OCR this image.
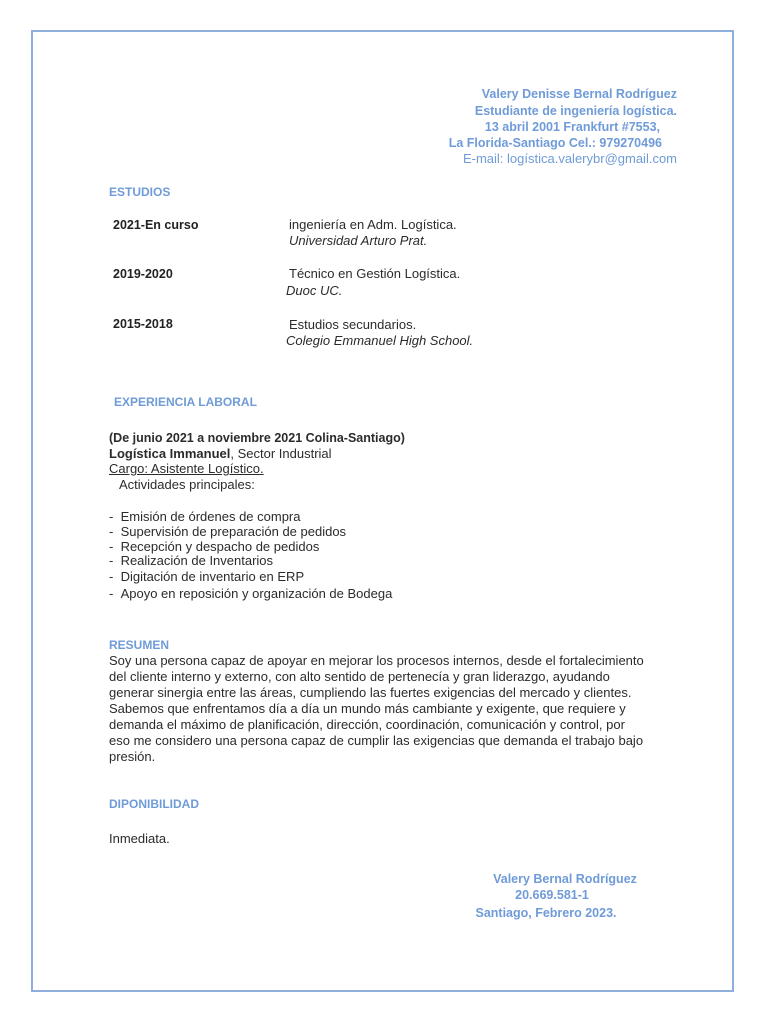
Valery Denisse Bernal Rodríguez
Estudiante de ingeniería logística.
13 abril 2001 Frankfurt #7553,
La Florida-Santiago Cel.: 979270496
E-mail: logística.valerybr@gmail.com
ESTUDIOS
2021-En curso	ingeniería en Adm. Logística.
Universidad Arturo Prat.
2019-2020	Técnico en Gestión Logística.
Duoc UC.
2015-2018	Estudios secundarios.
Colegio Emmanuel High School.
EXPERIENCIA LABORAL
(De junio 2021 a noviembre 2021 Colina-Santiago)
Logística Immanuel, Sector Industrial
Cargo: Asistente Logístico.
Actividades principales:
-  Emisión de órdenes de compra
-  Supervisión de preparación de pedidos
-  Recepción y despacho de pedidos
-  Realización de Inventarios
-  Digitación de inventario en ERP
-  Apoyo en reposición y organización de Bodega
RESUMEN
Soy una persona capaz de apoyar en mejorar los procesos internos, desde el fortalecimiento del cliente interno y externo, con alto sentido de pertenecía y gran liderazgo, ayudando generar sinergia entre las áreas, cumpliendo las fuertes exigencias del mercado y clientes. Sabemos que enfrentamos día a día un mundo más cambiante y exigente, que requiere y demanda el máximo de planificación, dirección, coordinación, comunicación y control, por eso me considero una persona capaz de cumplir las exigencias que demanda el trabajo bajo presión.
DIPONIBILIDAD
Inmediata.
Valery Bernal Rodríguez
20.669.581-1
Santiago, Febrero 2023.
